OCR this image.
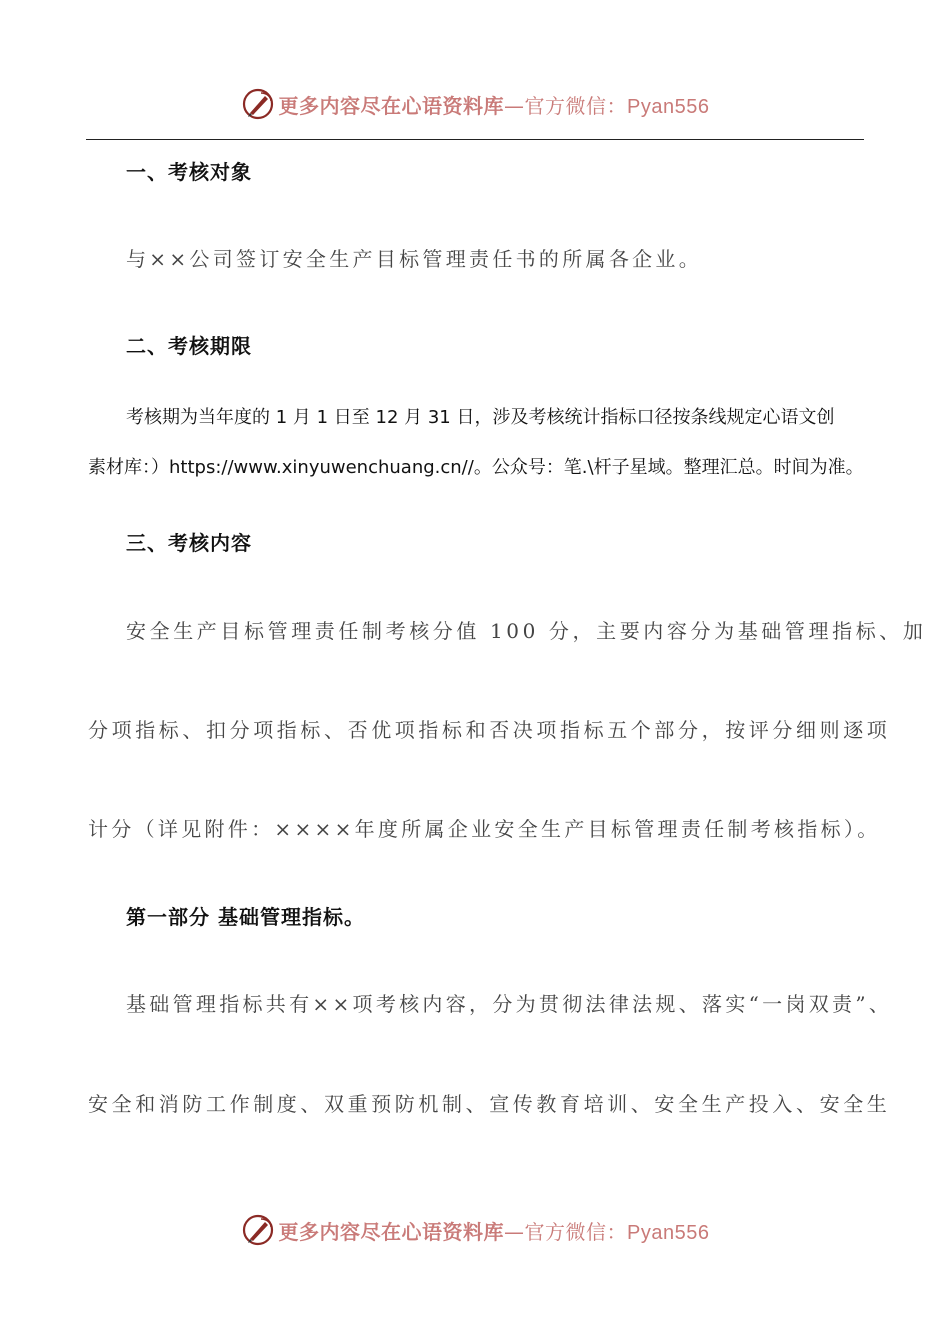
更多内容尽在心语资料库—官方微信：Pyan556
一、考核对象
与××公司签订安全生产目标管理责任书的所属各企业。
二、考核期限
考核期为当年度的 1 月 1 日至 12 月 31 日，涉及考核统计指标口径按条线规定心语文创
素材库：）https://www.xinyuwenchuang.cn//。公众号：笔.\杆子星域。整理汇总。时间为准。
三、考核内容
安全生产目标管理责任制考核分值 100 分，主要内容分为基础管理指标、加
分项指标、扣分项指标、否优项指标和否决项指标五个部分，按评分细则逐项
计分（详见附件：××××年度所属企业安全生产目标管理责任制考核指标）。
第一部分 基础管理指标。
基础管理指标共有××项考核内容，分为贯彻法律法规、落实“一岗双责”、
安全和消防工作制度、双重预防机制、宣传教育培训、安全生产投入、安全生
更多内容尽在心语资料库—官方微信：Pyan556
